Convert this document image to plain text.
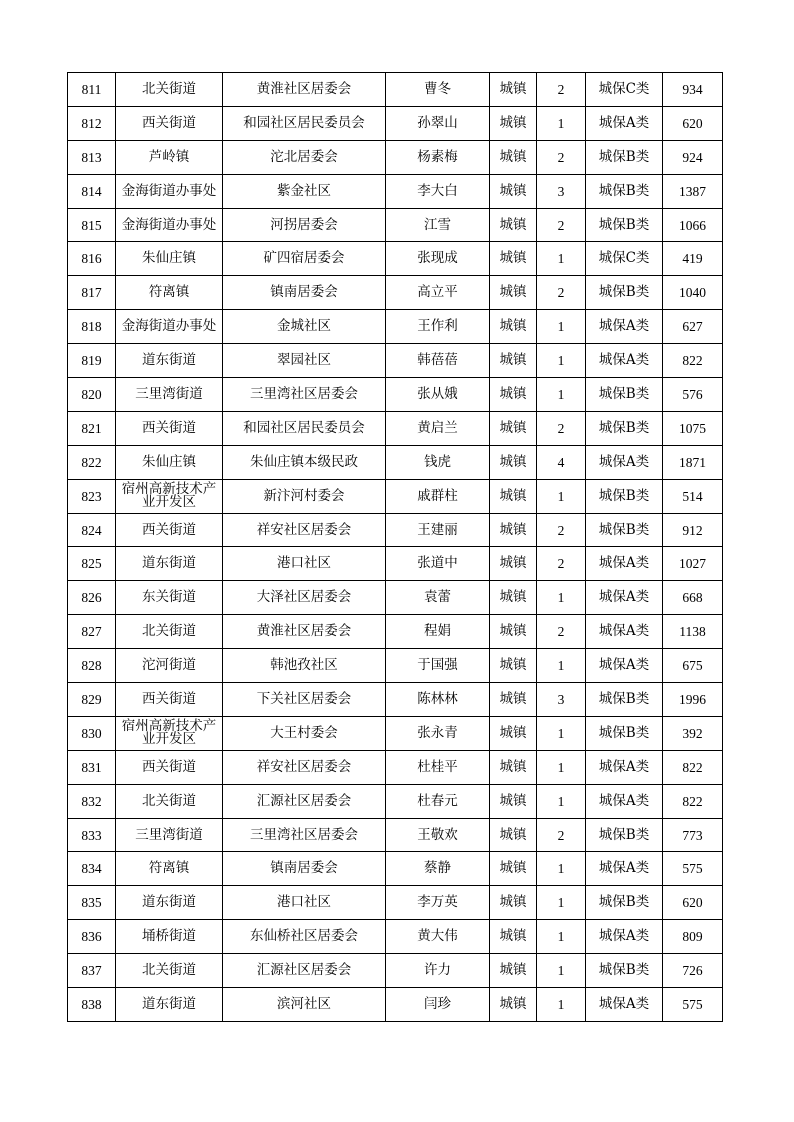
811	北关街道	黄淮社区居委会	曹冬	城镇	2	城保C类	934
812	西关街道	和园社区居民委员会	孙翠山	城镇	1	城保A类	620
813	芦岭镇	沱北居委会	杨素梅	城镇	2	城保B类	924
814	金海街道办事处	紫金社区	李大白	城镇	3	城保B类	1387
815	金海街道办事处	河拐居委会	江雪	城镇	2	城保B类	1066
816	朱仙庄镇	矿四宿居委会	张现成	城镇	1	城保C类	419
817	符离镇	镇南居委会	高立平	城镇	2	城保B类	1040
818	金海街道办事处	金城社区	王作利	城镇	1	城保A类	627
819	道东街道	翠园社区	韩蓓蓓	城镇	1	城保A类	822
820	三里湾街道	三里湾社区居委会	张从娥	城镇	1	城保B类	576
821	西关街道	和园社区居民委员会	黄启兰	城镇	2	城保B类	1075
822	朱仙庄镇	朱仙庄镇本级民政	钱虎	城镇	4	城保A类	1871
823	宿州高新技术产业开发区	新汴河村委会	戚群柱	城镇	1	城保B类	514
824	西关街道	祥安社区居委会	王建丽	城镇	2	城保B类	912
825	道东街道	港口社区	张道中	城镇	2	城保A类	1027
826	东关街道	大泽社区居委会	袁蕾	城镇	1	城保A类	668
827	北关街道	黄淮社区居委会	程娟	城镇	2	城保A类	1138
828	沱河街道	韩池孜社区	于国强	城镇	1	城保A类	675
829	西关街道	下关社区居委会	陈林林	城镇	3	城保B类	1996
830	宿州高新技术产业开发区	大王村委会	张永青	城镇	1	城保B类	392
831	西关街道	祥安社区居委会	杜桂平	城镇	1	城保A类	822
832	北关街道	汇源社区居委会	杜春元	城镇	1	城保A类	822
833	三里湾街道	三里湾社区居委会	王敬欢	城镇	2	城保B类	773
834	符离镇	镇南居委会	蔡静	城镇	1	城保A类	575
835	道东街道	港口社区	李万英	城镇	1	城保B类	620
836	埇桥街道	东仙桥社区居委会	黄大伟	城镇	1	城保A类	809
837	北关街道	汇源社区居委会	许力	城镇	1	城保B类	726
838	道东街道	滨河社区	闫珍	城镇	1	城保A类	575
